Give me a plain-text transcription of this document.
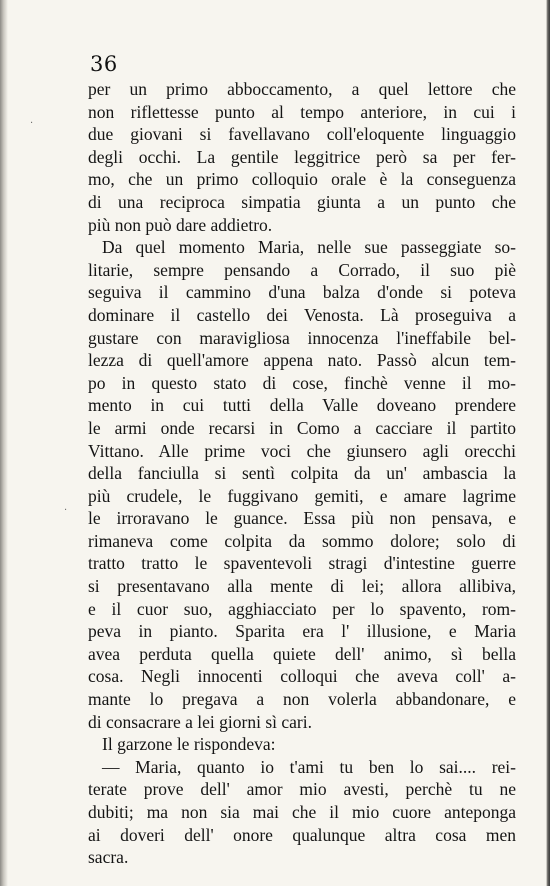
36
per un primo abboccamento, a quel lettore che
non riflettesse punto al tempo anteriore, in cui i
due giovani si favellavano coll'eloquente linguaggio
degli occhi. La gentile leggitrice però sa per fer-
mo, che un primo colloquio orale è la conseguenza
di una reciproca simpatia giunta a un punto che
più non può dare addietro.
Da quel momento Maria, nelle sue passeggiate so-
litarie, sempre pensando a Corrado, il suo piè
seguiva il cammino d'una balza d'onde si poteva
dominare il castello dei Venosta. Là proseguiva a
gustare con maravigliosa innocenza l'ineffabile bel-
lezza di quell'amore appena nato. Passò alcun tem-
po in questo stato di cose, finchè venne il mo-
mento in cui tutti della Valle doveano prendere
le armi onde recarsi in Como a cacciare il partito
Vittano. Alle prime voci che giunsero agli orecchi
della fanciulla si sentì colpita da un' ambascia la
più crudele, le fuggivano gemiti, e amare lagrime
le irroravano le guance. Essa più non pensava, e
rimaneva come colpita da sommo dolore; solo di
tratto tratto le spaventevoli stragi d'intestine guerre
si presentavano alla mente di lei; allora allibiva,
e il cuor suo, agghiacciato per lo spavento, rom-
peva in pianto. Sparita era l' illusione, e Maria
avea perduta quella quiete dell' animo, sì bella
cosa. Negli innocenti colloqui che aveva coll' a-
mante lo pregava a non volerla abbandonare, e
di consacrare a lei giorni sì cari.
Il garzone le rispondeva:
— Maria, quanto io t'ami tu ben lo sai.... rei-
terate prove dell' amor mio avesti, perchè tu ne
dubiti; ma non sia mai che il mio cuore anteponga
ai doveri dell' onore qualunque altra cosa men
sacra.
·
·
